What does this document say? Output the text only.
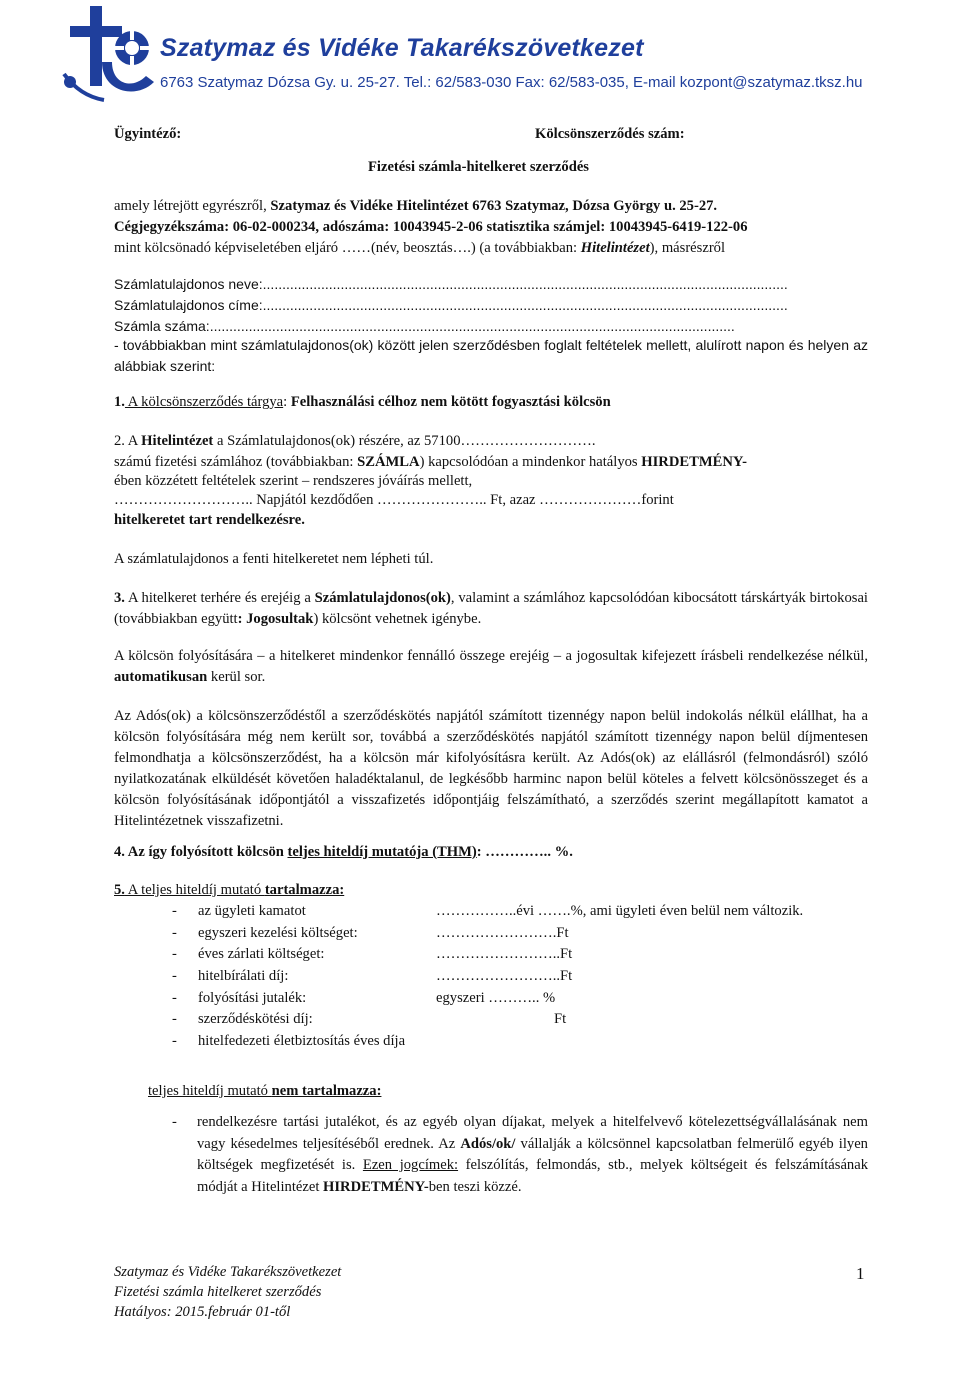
Szatymaz és Vidéke Takarékszövetkezet
6763 Szatymaz Dózsa Gy. u. 25-27. Tel.: 62/583-030 Fax: 62/583-035, E-mail kozpont@szatymaz.tksz.hu
Ügyintéző:	Kölcsönszerződés szám:
Fizetési számla-hitelkeret szerződés
amely létrejött egyrészről, Szatymaz és Vidéke Hitelintézet 6763 Szatymaz, Dózsa György u. 25-27.
Cégjegyzékszáma: 06-02-000234, adószáma: 10043945-2-06 statisztika számjel: 10043945-6419-122-06
mint kölcsönadó képviseletében eljáró ……(név, beosztás….) (a továbbiakban: Hitelintézet), másrészről
Számlatulajdonos neve:.......................................................................................................................................
Számlatulajdonos címe:.......................................................................................................................................
Számla száma:.......................................................................................................................................
- továbbiakban mint számlatulajdonos(ok) között jelen szerződésben foglalt feltételek mellett, alulírott napon és helyen az alábbiak szerint:
1. A kölcsönszerződés tárgya: Felhasználási célhoz nem kötött fogyasztási kölcsön
2. A Hitelintézet a Számlatulajdonos(ok) részére, az 57100……………………….
számú fizetési számlához (továbbiakban: SZÁMLA) kapcsolódóan a mindenkor hatályos HIRDETMÉNY-
ében közzétett feltételek szerint – rendszeres jóváírás mellett,
……………………….. Napjától kezdődően ………………….. Ft, azaz …………………forint
hitelkeretet tart rendelkezésre.
A számlatulajdonos a fenti hitelkeretet nem lépheti túl.
3. A hitelkeret terhére és erejéig a Számlatulajdonos(ok), valamint a számlához kapcsolódóan kibocsátott társkártyák birtokosai (továbbiakban együtt: Jogosultak) kölcsönt vehetnek igénybe.
A kölcsön folyósítására – a hitelkeret mindenkor fennálló összege erejéig – a jogosultak kifejezett írásbeli rendelkezése nélkül, automatikusan kerül sor.
Az Adós(ok) a kölcsönszerződéstől a szerződéskötés napjától számított tizennégy napon belül indokolás nélkül elállhat, ha a kölcsön folyósítására még nem került sor, továbbá a szerződéskötés napjától számított tizennégy napon belül díjmentesen felmondhatja a kölcsönszerződést, ha a kölcsön már kifolyósításra került. Az Adós(ok) az elállásról (felmondásról) szóló nyilatkozatának elküldését követően haladéktalanul, de legkésőbb harminc napon belül köteles a felvett kölcsönösszeget és a kölcsön folyósításának időpontjától a visszafizetés időpontjáig felszámítható, a szerződés szerint megállapított kamatot a Hitelintézetnek visszafizetni.
4. Az így folyósított kölcsön teljes hiteldíj mutatója (THM): ………….. %.
5. A teljes hiteldíj mutató tartalmazza:
- az ügyleti kamatot	……………..évi …….%, ami ügyleti éven belül nem változik.
- egyszeri kezelési költséget:	…………………….Ft
- éves zárlati költséget:	……………………..Ft
- hitelbírálati díj:	……………………..Ft
- folyósítási jutalék:	egyszeri ……….. %
- szerződéskötési díj:	Ft
- hitelfedezeti életbiztosítás éves díja
teljes hiteldíj mutató nem tartalmazza:
- rendelkezésre tartási jutalékot, és az egyéb olyan díjakat, melyek a hitelfelvevő kötelezettségvállalásának nem vagy késedelmes teljesítéséből erednek. Az Adós/ok/ vállalják a kölcsönnel kapcsolatban felmerülő egyéb ilyen költségek megfizetését is. Ezen jogcímek: felszólítás, felmondás, stb., melyek költségeit és felszámításának módját a Hitelintézet HIRDETMÉNY-ben teszi közzé.
Szatymaz és Vidéke Takarékszövetkezet
Fizetési számla hitelkeret szerződés
Hatályos: 2015.február 01-től
1
